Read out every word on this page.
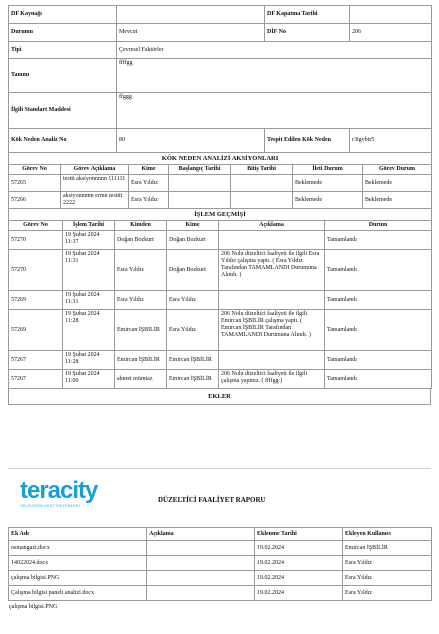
DF Kaynağı		DF Kapatma Tarihi	
Durumu	Mevcut	DİF No	206
Tipi	Çevresel Faktörler		
Tanımı	ffffgg		
İlgili Standart Maddesi	ffggg		
Kök Neden Analiz No	80	Tespit Edilen Kök Neden	r3tgvbtr5
KÖK NEDEN ANALİZİ AKSİYONLARI						
Görev No	Görev Açıklama	Kime	Başlangıç Tarihi	Bitiş Tarihi	İleti Durum	Görev Durum
57265	testtt aksiyonnnnn 111111	Esra Yıldız			Beklemede	Beklemede
57266	aksiyonnnnn ermn testttt 2222	Esra Yıldız			Beklemede	Beklemede
İŞLEM GEÇMİŞİ					
Görev No	İşlem Tarihi	Kimden	Kime	Açıklama	Durum
57270	19 Şubat 2024 11:37	Doğan Bozkurt	Doğan Bozkurt		Tamamlandı
57270	19 Şubat 2024 11:31	Esra Yıldız	Doğan Bozkurt	206 Nolu düzeltici faaliyeti ile ilgili Esra Yıldız çalışma yaptı. ( Esra Yıldız Tarafından TAMAMLANDI Durumuna Alındı. )	Tamamlandı
57269	19 Şubat 2024 11:31	Esra Yıldız	Esra Yıldız		Tamamlandı
57269	19 Şubat 2024 11:28	Emircan İŞBİLİR	Esra Yıldız	206 Nolu düzeltici faaliyeti ile ilgili Emircan İŞBİLİR çalışma yaptı. ( Emircan İŞBİLİR Tarafından TAMAMLANDI Durumuna Alındı. )	Tamamlandı
57267	19 Şubat 2024 11:28	Emircan İŞBİLİR	Emircan İŞBİLİR		Tamamlandı
57267	19 Şubat 2024 11:00	ahmet mümtaz	Emircan İŞBİLİR	206 Nolu düzeltici faaliyeti ile ilgili çalışma yapınız. ( ffffgg )	Tamamlandı
EKLER
teracity
GELECEĞİN KENT SİSTEMLERİ
DÜZELTİCİ FAALİYET RAPORU
Ek Adı	Açıklama	Eklenme Tarihi	Ekleyen Kullanıcı
osmangazi.docx		19.02.2024	Emircan İŞBİLİR
14022024.docx		19.02.2024	Esra Yıldız
çalışma bilgisi.PNG		19.02.2024	Esra Yıldız
Çalışma bilgisi paneli analizi.docx		19.02.2024	Esra Yıldız
çalışma bilgisi.PNG
